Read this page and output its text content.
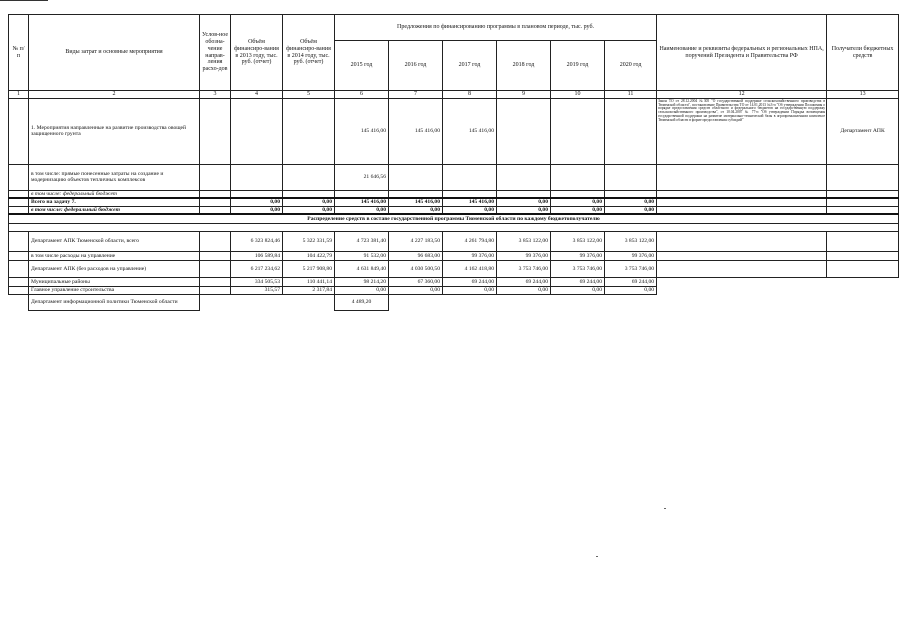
№ п/п	Виды затрат и основные мероприятия	Услов-ное обозна-чение направ-ления расхо-дов	Объём финансиро-вания в 2013 году, тыс. руб. (отчет)	Объём финансиро-вания в 2014 году, тыс. руб. (отчет)	Предложения по финансированию программы в плановом периоде, тыс. руб.						Наименование и реквизиты федеральных и региональных НПА, поручений Президента и Правительства РФ	Получатели бюджетных средств
					2015 год	2016 год	2017 год	2018 год	2019 год	2020 год		
1	2	3	4	5	6	7	8	9	10	11	12	13
	1. Мероприятия направленные на развитие производства овощей защищенного грунта				145 416,00	145 416,00	145 416,00				Закон ТО от 28.12.2004 №305 "О государственной поддержке сельскохозяйственного производства в Тюменской области", постановление Правительства ТО от 14.01.2013 №3-п "Об утверждении Положения о порядке предоставления средств областного и федерального бюджетов на государственную поддержку сельскохозяйственного производства", от 10.04.2007 № 77-п "Об утверждении Порядка возмещения государственной поддержки на развитие материально-технической базы в агропромышленном комплексе Тюменской области в форме предоставления субсидий"	Департамент АПК
	в том числе: прямые понесенные затраты на создание и модернизацию объектов тепличных комплексов				21 646,56							
	в том числе: федеральный бюджет											
	Всего на задачу 7.		0,00	0,00	145 416,00	145 416,00	145 416,00	0,00	0,00	0,00		
	в том числе: федеральный бюджет		0,00	0,00	0,00	0,00	0,00	0,00	0,00	0,00		
Распределение средств в составе государственной программы Тюменской области по каждому бюджетополучателю												

	Департамент АПК Тюменской области, всего		6 323 824,46	5 322 331,59	4 723 381,40	4 227 183,50	4 261 794,80	3 853 122,00	3 853 122,00	3 853 122,00		
	в том числе расходы на управление		106 589,84	104 422,79	91 532,00	96 683,00	99 376,00	99 376,00	99 376,00	99 376,00		
	Департамент АПК (без расходов на управление)		6 217 234,62	5 217 908,80	4 631 849,40	4 030 500,50	4 162 418,80	3 753 746,00	3 753 746,00	3 753 746,00		
	Муниципальные районы		334 505,53	110 441,14	98 214,20	67 360,00	69 244,00	69 244,00	69 244,00	69 244,00		
	Главное управление строительства		315,57	2 317,84	0,00	0,00	0,00	0,00	0,00	0,00		
	Департамент информационной политики Тюменской области				4 489,20							
